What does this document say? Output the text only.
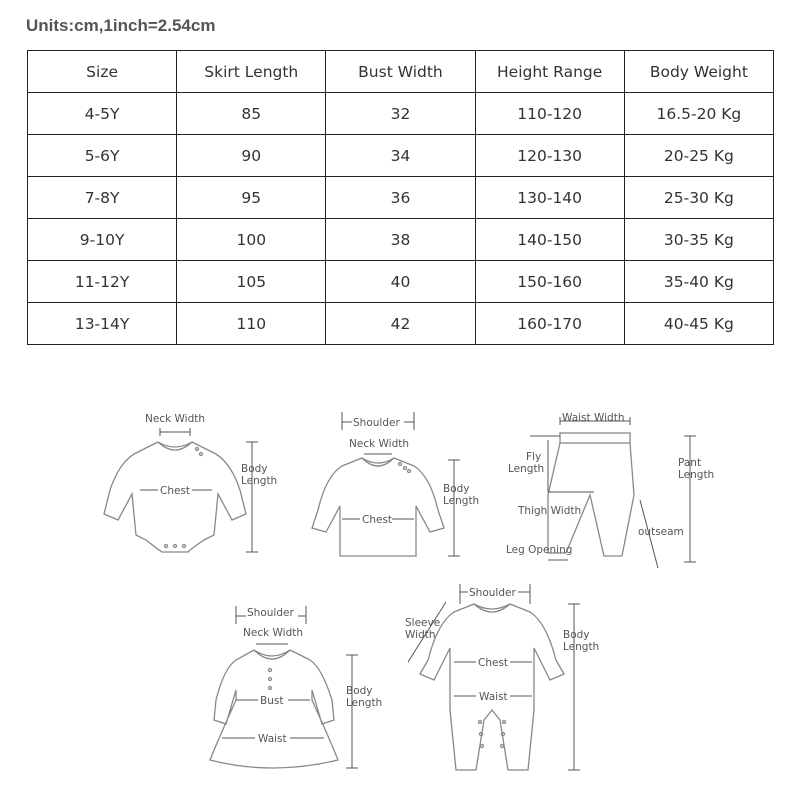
Units:cm,1inch=2.54cm
Size	Skirt Length	Bust Width	Height Range	Body Weight
4-5Y	85	32	110-120	16.5-20 Kg
5-6Y	90	34	120-130	20-25 Kg
7-8Y	95	36	130-140	25-30 Kg
9-10Y	100	38	140-150	30-35 Kg
11-12Y	105	40	150-160	35-40 Kg
13-14Y	110	42	160-170	40-45 Kg
Neck Width
Chest
Body
Length
Shoulder
Neck Width
Chest
Body
Length
Waist Width
Fly
Length
Thigh Width
Leg Opening
outseam
Pant
Length
Shoulder
Neck Width
Bust
Waist
Body
Length
Shoulder
Sleeve
Width
Chest
Waist
Body
Length
